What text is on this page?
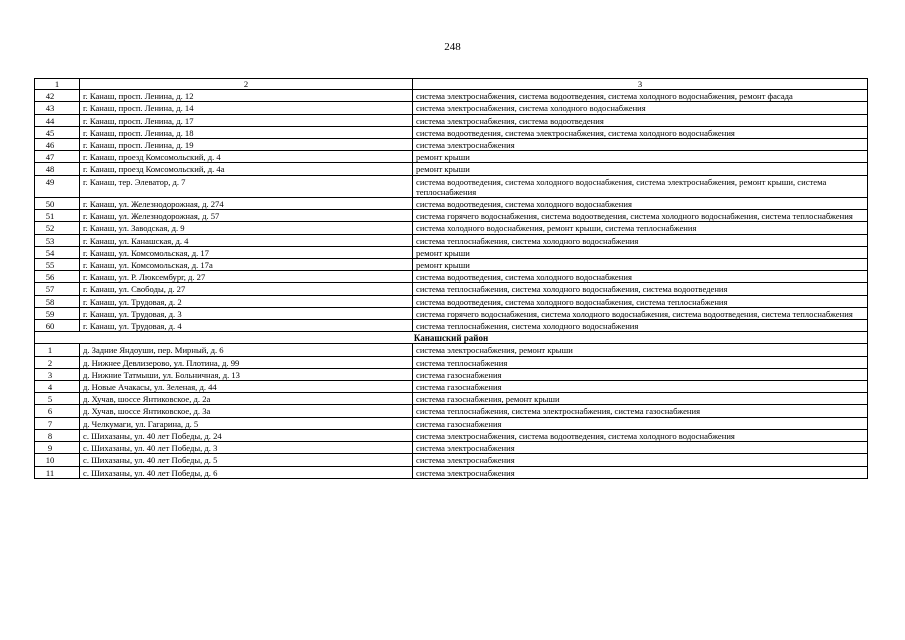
248
1	2	3
42	г. Канаш, просп. Ленина, д. 12	система электроснабжения, система водоотведения, система холодного водоснабжения, ремонт фасада
43	г. Канаш, просп. Ленина, д. 14	система электроснабжения, система холодного водоснабжения
44	г. Канаш, просп. Ленина, д. 17	система электроснабжения, система водоотведения
45	г. Канаш, просп. Ленина, д. 18	система водоотведения, система электроснабжения, система холодного водоснабжения
46	г. Канаш, просп. Ленина, д. 19	система электроснабжения
47	г. Канаш, проезд Комсомольский, д. 4	ремонт крыши
48	г. Канаш, проезд Комсомольский, д. 4а	ремонт крыши
49	г. Канаш, тер. Элеватор, д. 7	система водоотведения, система холодного водоснабжения, система электроснабжения, ремонт крыши, система теплоснабжения
50	г. Канаш, ул. Железнодорожная, д. 274	система водоотведения, система холодного водоснабжения
51	г. Канаш, ул. Железнодорожная, д. 57	система горячего водоснабжения, система водоотведения, система холодного водоснабжения, система теплоснабжения
52	г. Канаш, ул. Заводская, д. 9	система холодного водоснабжения, ремонт крыши, система теплоснабжения
53	г. Канаш, ул. Канашская, д. 4	система теплоснабжения, система холодного водоснабжения
54	г. Канаш, ул. Комсомольская, д. 17	ремонт крыши
55	г. Канаш, ул. Комсомольская, д. 17а	ремонт крыши
56	г. Канаш, ул. Р. Люксембург, д. 27	система водоотведения, система холодного водоснабжения
57	г. Канаш, ул. Свободы, д. 27	система теплоснабжения, система холодного водоснабжения, система водоотведения
58	г. Канаш, ул. Трудовая, д. 2	система водоотведения, система холодного водоснабжения, система теплоснабжения
59	г. Канаш, ул. Трудовая, д. 3	система горячего водоснабжения, система холодного водоснабжения, система водоотведения, система теплоснабжения
60	г. Канаш, ул. Трудовая, д. 4	система теплоснабжения, система холодного водоснабжения
Канашский район		
1	д. Задние Яндоуши, пер. Мирный, д. 6	система электроснабжения, ремонт крыши
2	д. Нижнее Девлизерово, ул. Плотина, д. 99	система теплоснабжения
3	д. Нижние Татмыши, ул. Больничная, д. 13	система газоснабжения
4	д. Новые Ачакасы, ул. Зеленая, д. 44	система газоснабжения
5	д. Хучав, шоссе Янтиковское, д. 2а	система газоснабжения, ремонт крыши
6	д. Хучав, шоссе Янтиковское, д. 3а	система теплоснабжения, система электроснабжения, система газоснабжения
7	д. Челкумаги, ул. Гагарина, д. 5	система газоснабжения
8	с. Шихазаны, ул. 40 лет Победы, д. 24	система электроснабжения, система водоотведения, система холодного водоснабжения
9	с. Шихазаны, ул. 40 лет Победы, д. 3	система электроснабжения
10	с. Шихазаны, ул. 40 лет Победы, д. 5	система электроснабжения
11	с. Шихазаны, ул. 40 лет Победы, д. 6	система электроснабжения
